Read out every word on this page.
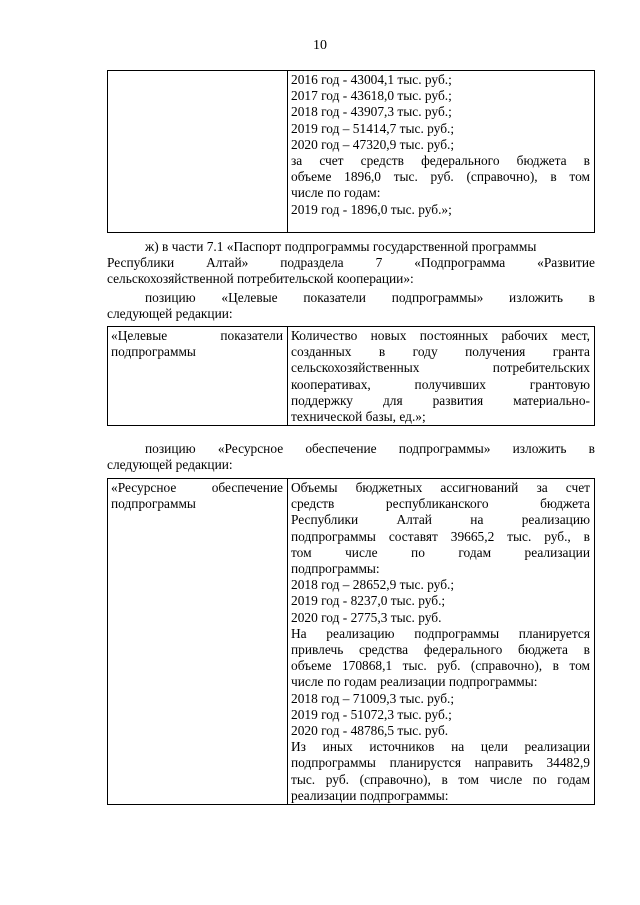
10

2016 год - 43004,1 тыс. руб.;
2017 год - 43618,0 тыс. руб.;
2018 год - 43907,3 тыс. руб.;
2019 год – 51414,7 тыс. руб.;
2020 год – 47320,9 тыс. руб.;
за счет средств федерального бюджета в
объеме 1896,0 тыс. руб. (справочно), в том
числе по годам:
2019 год - 1896,0 тыс. руб.»;
ж) в части 7.1 «Паспорт подпрограммы государственной программы
Республики Алтай» подраздела 7 «Подпрограмма «Развитие
сельскохозяйственной потребительской кооперации»:
позицию «Целевые показатели подпрограммы» изложить в
следующей редакции:
«Целевые показатели
подпрограммы

Количество новых постоянных рабочих мест,
созданных в году получения гранта
сельскохозяйственных потребительских
кооперативах, получивших грантовую
поддержку для развития материально-
технической базы, ед.»;
позицию «Ресурсное обеспечение подпрограммы» изложить в
следующей редакции:
«Ресурсное обеспечение
подпрограммы

Объемы бюджетных ассигнований за счет
средств республиканского бюджета
Республики Алтай на реализацию
подпрограммы составят 39665,2 тыс. руб., в
том числе по годам реализации
подпрограммы:
2018 год – 28652,9 тыс. руб.;
2019 год - 8237,0 тыс. руб.;
2020 год - 2775,3 тыс. руб.
На реализацию подпрограммы планируется
привлечь средства федерального бюджета в
объеме 170868,1 тыс. руб. (справочно), в том
числе по годам реализации подпрограммы:
2018 год – 71009,3 тыс. руб.;
2019 год - 51072,3 тыс. руб.;
2020 год - 48786,5 тыс. руб.
Из иных источников на цели реализации
подпрограммы планирустся направить 34482,9
тыс. руб. (справочно), в том числе по годам
реализации подпрограммы:
